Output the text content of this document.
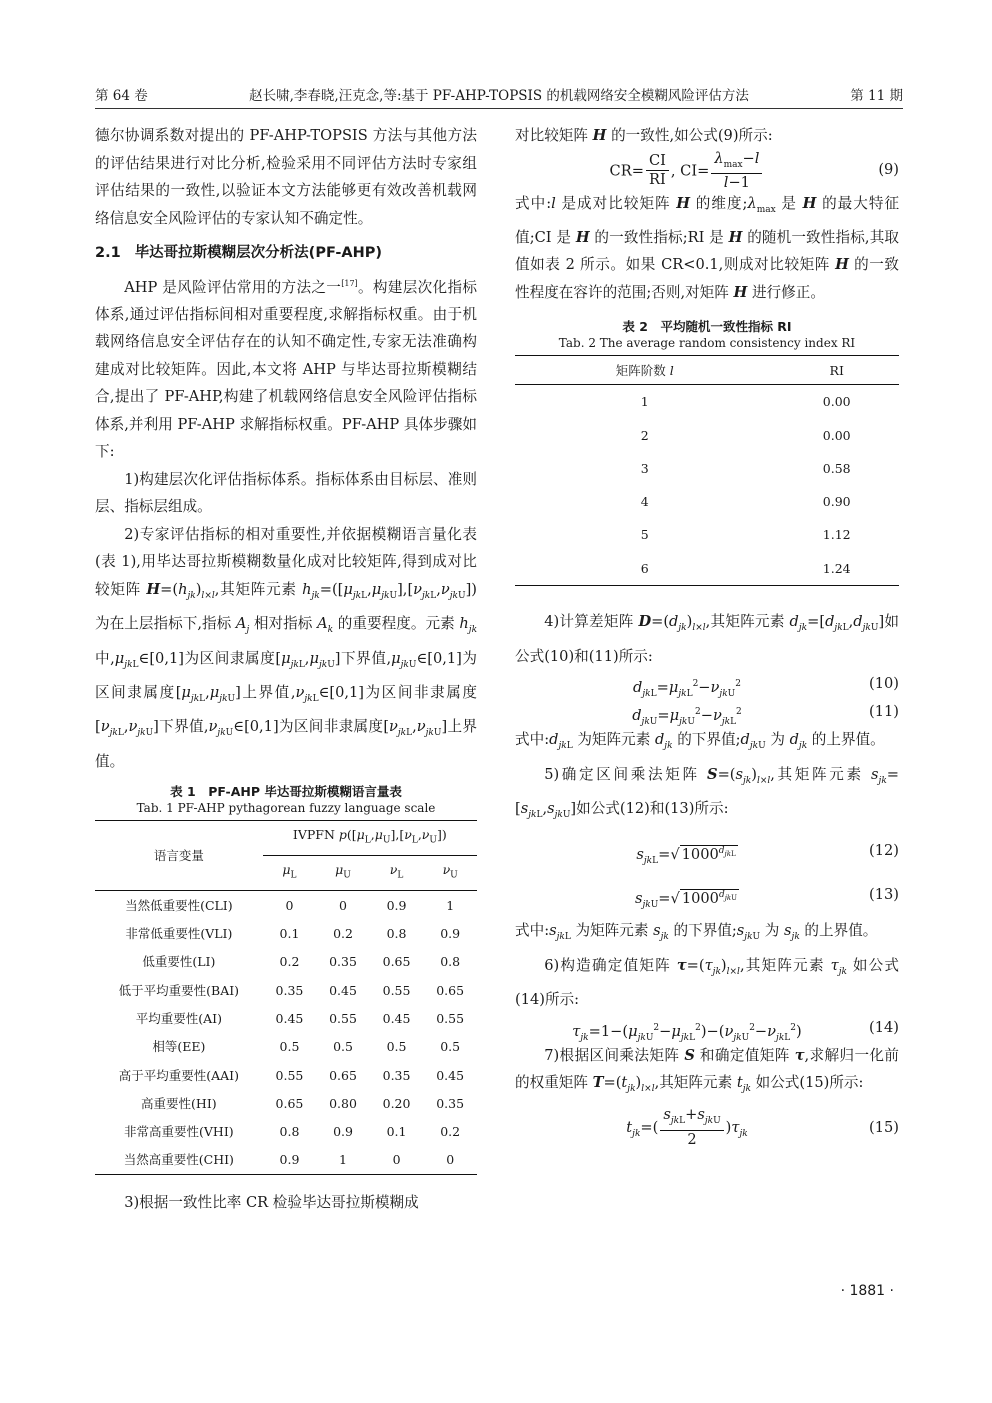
第 64 卷	赵长啸,李春晓,汪克念,等:基于 PF-AHP-TOPSIS 的机载网络安全模糊风险评估方法	第 11 期

德尔协调系数对提出的 PF-AHP-TOPSIS 方法与其他方法的评估结果进行对比分析,检验采用不同评估方法时专家组评估结果的一致性,以验证本文方法能够更有效改善机载网络信息安全风险评估的专家认知不确定性。

2.1 毕达哥拉斯模糊层次分析法(PF-AHP)

AHP 是风险评估常用的方法之一[17]。构建层次化指标体系,通过评估指标间相对重要程度,求解指标权重。由于机载网络信息安全评估存在的认知不确定性,专家无法准确构建成对比较矩阵。因此,本文将 AHP 与毕达哥拉斯模糊结合,提出了 PF-AHP,构建了机载网络信息安全风险评估指标体系,并利用 PF-AHP 求解指标权重。PF-AHP 具体步骤如下:

1)构建层次化评估指标体系。指标体系由目标层、准则层、指标层组成。

2)专家评估指标的相对重要性,并依据模糊语言量化表(表 1),用毕达哥拉斯模糊数量化成对比较矩阵,得到成对比较矩阵 $H=(h_{jk})_{l\times l}$,其矩阵元素 $h_{jk}=([\mu_{jkL},\mu_{jkU}],[\nu_{jkL},\nu_{jkU}])$为在上层指标下,指标 $A_j$ 相对指标 $A_k$ 的重要程度。元素 $h_{jk}$ 中$,\mu_{jkL}\in[0,1]$为区间隶属度$[\mu_{jkL},\mu_{jkU}]$下界值$,\mu_{jkU}\in[0,1]$为区间隶属度$[\mu_{jkL},\mu_{jkU}]$上界值$,\nu_{jkL}\in[0,1]$为区间非隶属度$[\nu_{jkL},\nu_{jkU}]$下界值$,\nu_{jkU}\in[0,1]$为区间非隶属度$[\nu_{jkL},\nu_{jkU}]$上界值。

表 1　PF-AHP 毕达哥拉斯模糊语言量表
Tab. 1 PF-AHP pythagorean fuzzy language scale
语言变量	IVPFN $p([\mu_L,\mu_U],[\nu_L,\nu_U])$			
	$\mu_L$	$\mu_U$	$\nu_L$	$\nu_U$
当然低重要性(CLI)	0	0	0.9	1
非常低重要性(VLI)	0.1	0.2	0.8	0.9
低重要性(LI)	0.2	0.35	0.65	0.8
低于平均重要性(BAI)	0.35	0.45	0.55	0.65
平均重要性(AI)	0.45	0.55	0.45	0.55
相等(EE)	0.5	0.5	0.5	0.5
高于平均重要性(AAI)	0.55	0.65	0.35	0.45
高重要性(HI)	0.65	0.80	0.20	0.35
非常高重要性(VHI)	0.8	0.9	0.1	0.2
当然高重要性(CHI)	0.9	1	0	0

3)根据一致性比率 CR 检验毕达哥拉斯模糊成

对比较矩阵 H 的一致性,如公式(9)所示:

$CR= \frac{CI}{RI}$ , $CI= \frac{\lambda_{max}-l}{l-1}$	(9)

式中:l 是成对比较矩阵 H 的维度$;\lambda_{max}$ 是 H 的最大特征值;CI 是 H 的一致性指标;RI 是 H 的随机一致性指标,其取值如表 2 所示。如果 CR<0.1,则成对比较矩阵 H 的一致性程度在容许的范围;否则,对矩阵 H 进行修正。

表 2　平均随机一致性指标 RI
Tab. 2 The average random consistency index RI
矩阵阶数 l	RI
1	0.00
2	0.00
3	0.58
4	0.90
5	1.12
6	1.24

4)计算差矩阵 $D=(d_{jk})_{l\times l}$,其矩阵元素 $d_{jk}=[d_{jkL},d_{jkU}]$如公式(10)和(11)所示:

$d_{jkL}=\mu_{jkL}^2-\nu_{jkU}^2$	(10)
$d_{jkU}=\mu_{jkU}^2-\nu_{jkL}^2$	(11)

式中$:d_{jkL}$ 为矩阵元素 $d_{jk}$ 的下界值$;d_{jkU}$ 为 $d_{jk}$ 的上界值。

5)确定区间乘法矩阵 $S=(s_{jk})_{l\times l}$,其矩阵元素 $s_{jk}=[s_{jkL},s_{jkU}]$如公式(12)和(13)所示:

$s_{jkL}=√$ $1000^{d_{jkL}}$	(12)
$s_{jkU}=√$ $1000^{d_{jkU}}$	(13)

式中$:s_{jkL}$ 为矩阵元素 $s_{jk}$ 的下界值$;s_{jkU}$ 为 $s_{jk}$ 的上界值。

6)构造确定值矩阵 $\tau=(\tau_{jk})_{l\times l}$,其矩阵元素 $\tau_{jk}$ 如公式(14)所示:

$\tau_{jk}=1-(\mu_{jkU}^2-\mu_{jkL}^2)-(\nu_{jkU}^2-\nu_{jkL}^2)$	(14)

7)根据区间乘法矩阵 S 和确定值矩阵 τ,求解归一化前的权重矩阵 $T=(t_{jk})_{l\times l}$,其矩阵元素 $t_{jk}$ 如公式(15)所示:

$t_{jk}=( \frac{s_{jkL}+s_{jkU}}{2} )\tau_{jk}$	(15)
· 1881 ·
